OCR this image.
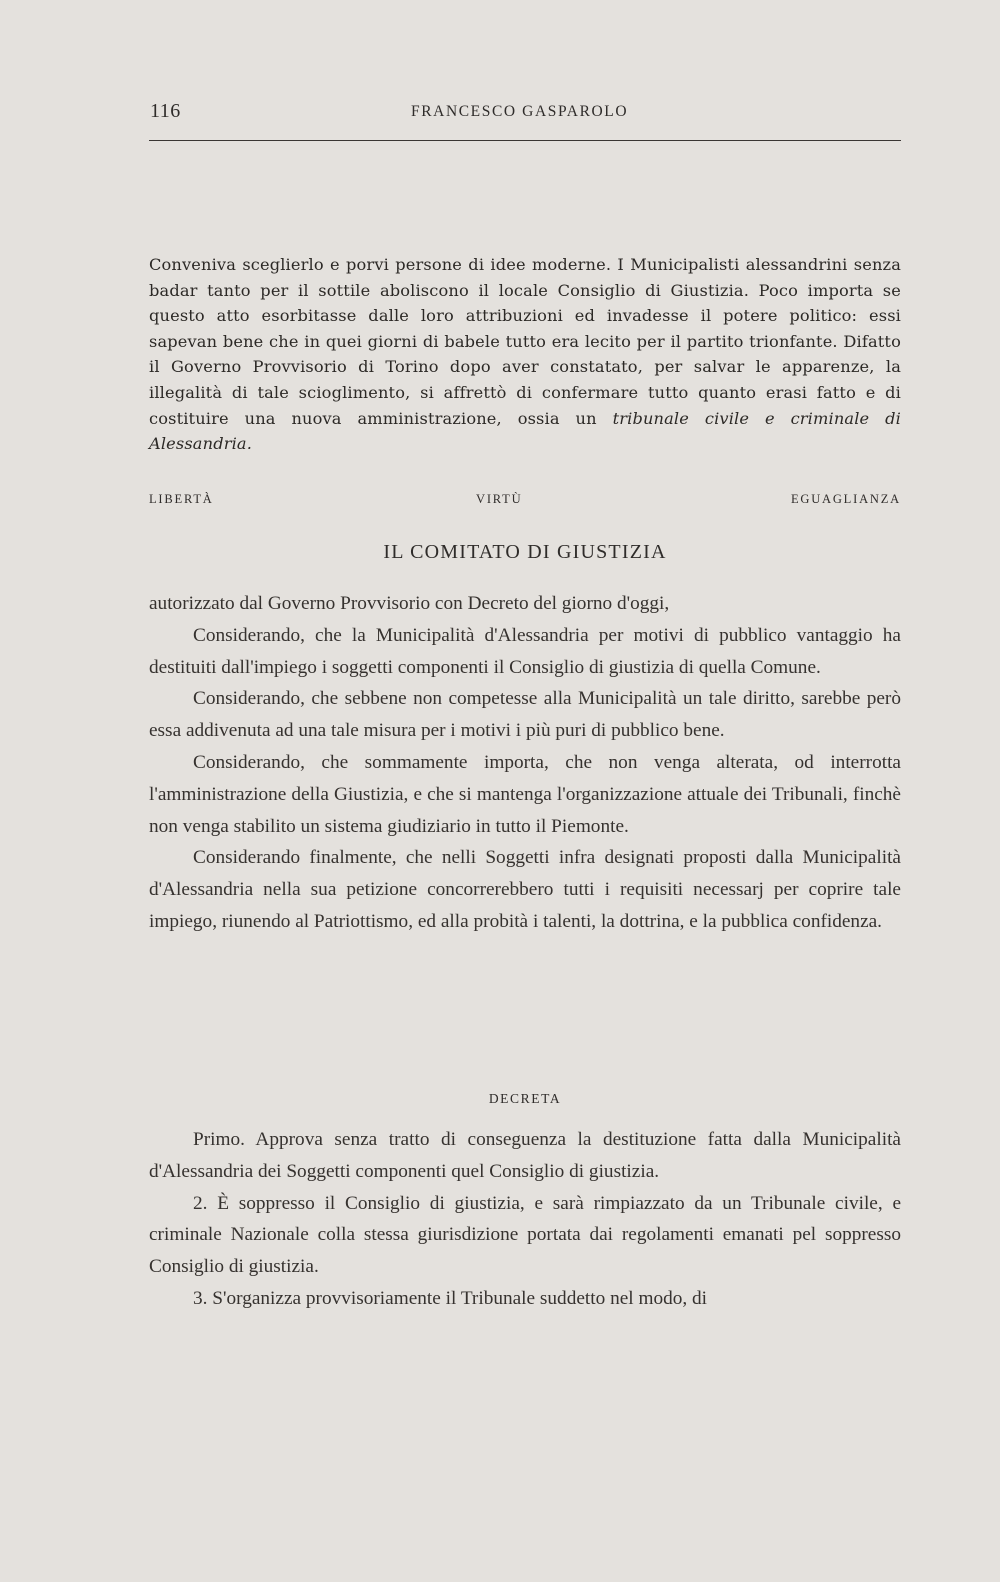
116	FRANCESCO GASPAROLO
Conveniva sceglierlo e porvi persone di idee moderne. I Municipalisti alessandrini senza badar tanto per il sottile aboliscono il locale Consiglio di Giustizia. Poco importa se questo atto esorbitasse dalle loro attribuzioni ed invadesse il potere politico: essi sapevan bene che in quei giorni di babele tutto era lecito per il partito trionfante. Difatto il Governo Provvisorio di Torino dopo aver constatato, per salvar le apparenze, la illegalità di tale scioglimento, si affrettò di confermare tutto quanto erasi fatto e di costituire una nuova amministrazione, ossia un tribunale civile e criminale di Alessandria.
LIBERTÀ	VIRTÙ	EGUAGLIANZA
IL COMITATO DI GIUSTIZIA

autorizzato dal Governo Provvisorio con Decreto del giorno d'oggi,

Considerando, che la Municipalità d'Alessandria per motivi di pubblico vantaggio ha destituiti dall'impiego i soggetti componenti il Consiglio di giustizia di quella Comune.

Considerando, che sebbene non competesse alla Municipalità un tale diritto, sarebbe però essa addivenuta ad una tale misura per i motivi i più puri di pubblico bene.

Considerando, che sommamente importa, che non venga alterata, od interrotta l'amministrazione della Giustizia, e che si mantenga l'organizzazione attuale dei Tribunali, finchè non venga stabilito un sistema giudiziario in tutto il Piemonte.

Considerando finalmente, che nelli Soggetti infra designati proposti dalla Municipalità d'Alessandria nella sua petizione concorrerebbero tutti i requisiti necessarj per coprire tale impiego, riunendo al Patriottismo, ed alla probità i talenti, la dottrina, e la pubblica confidenza.

DECRETA

Primo. Approva senza tratto di conseguenza la destituzione fatta dalla Municipalità d'Alessandria dei Soggetti componenti quel Consiglio di giustizia.

2. È soppresso il Consiglio di giustizia, e sarà rimpiazzato da un Tribunale civile, e criminale Nazionale colla stessa giurisdizione portata dai regolamenti emanati pel soppresso Consiglio di giustizia.

3. S'organizza provvisoriamente il Tribunale suddetto nel modo, di
